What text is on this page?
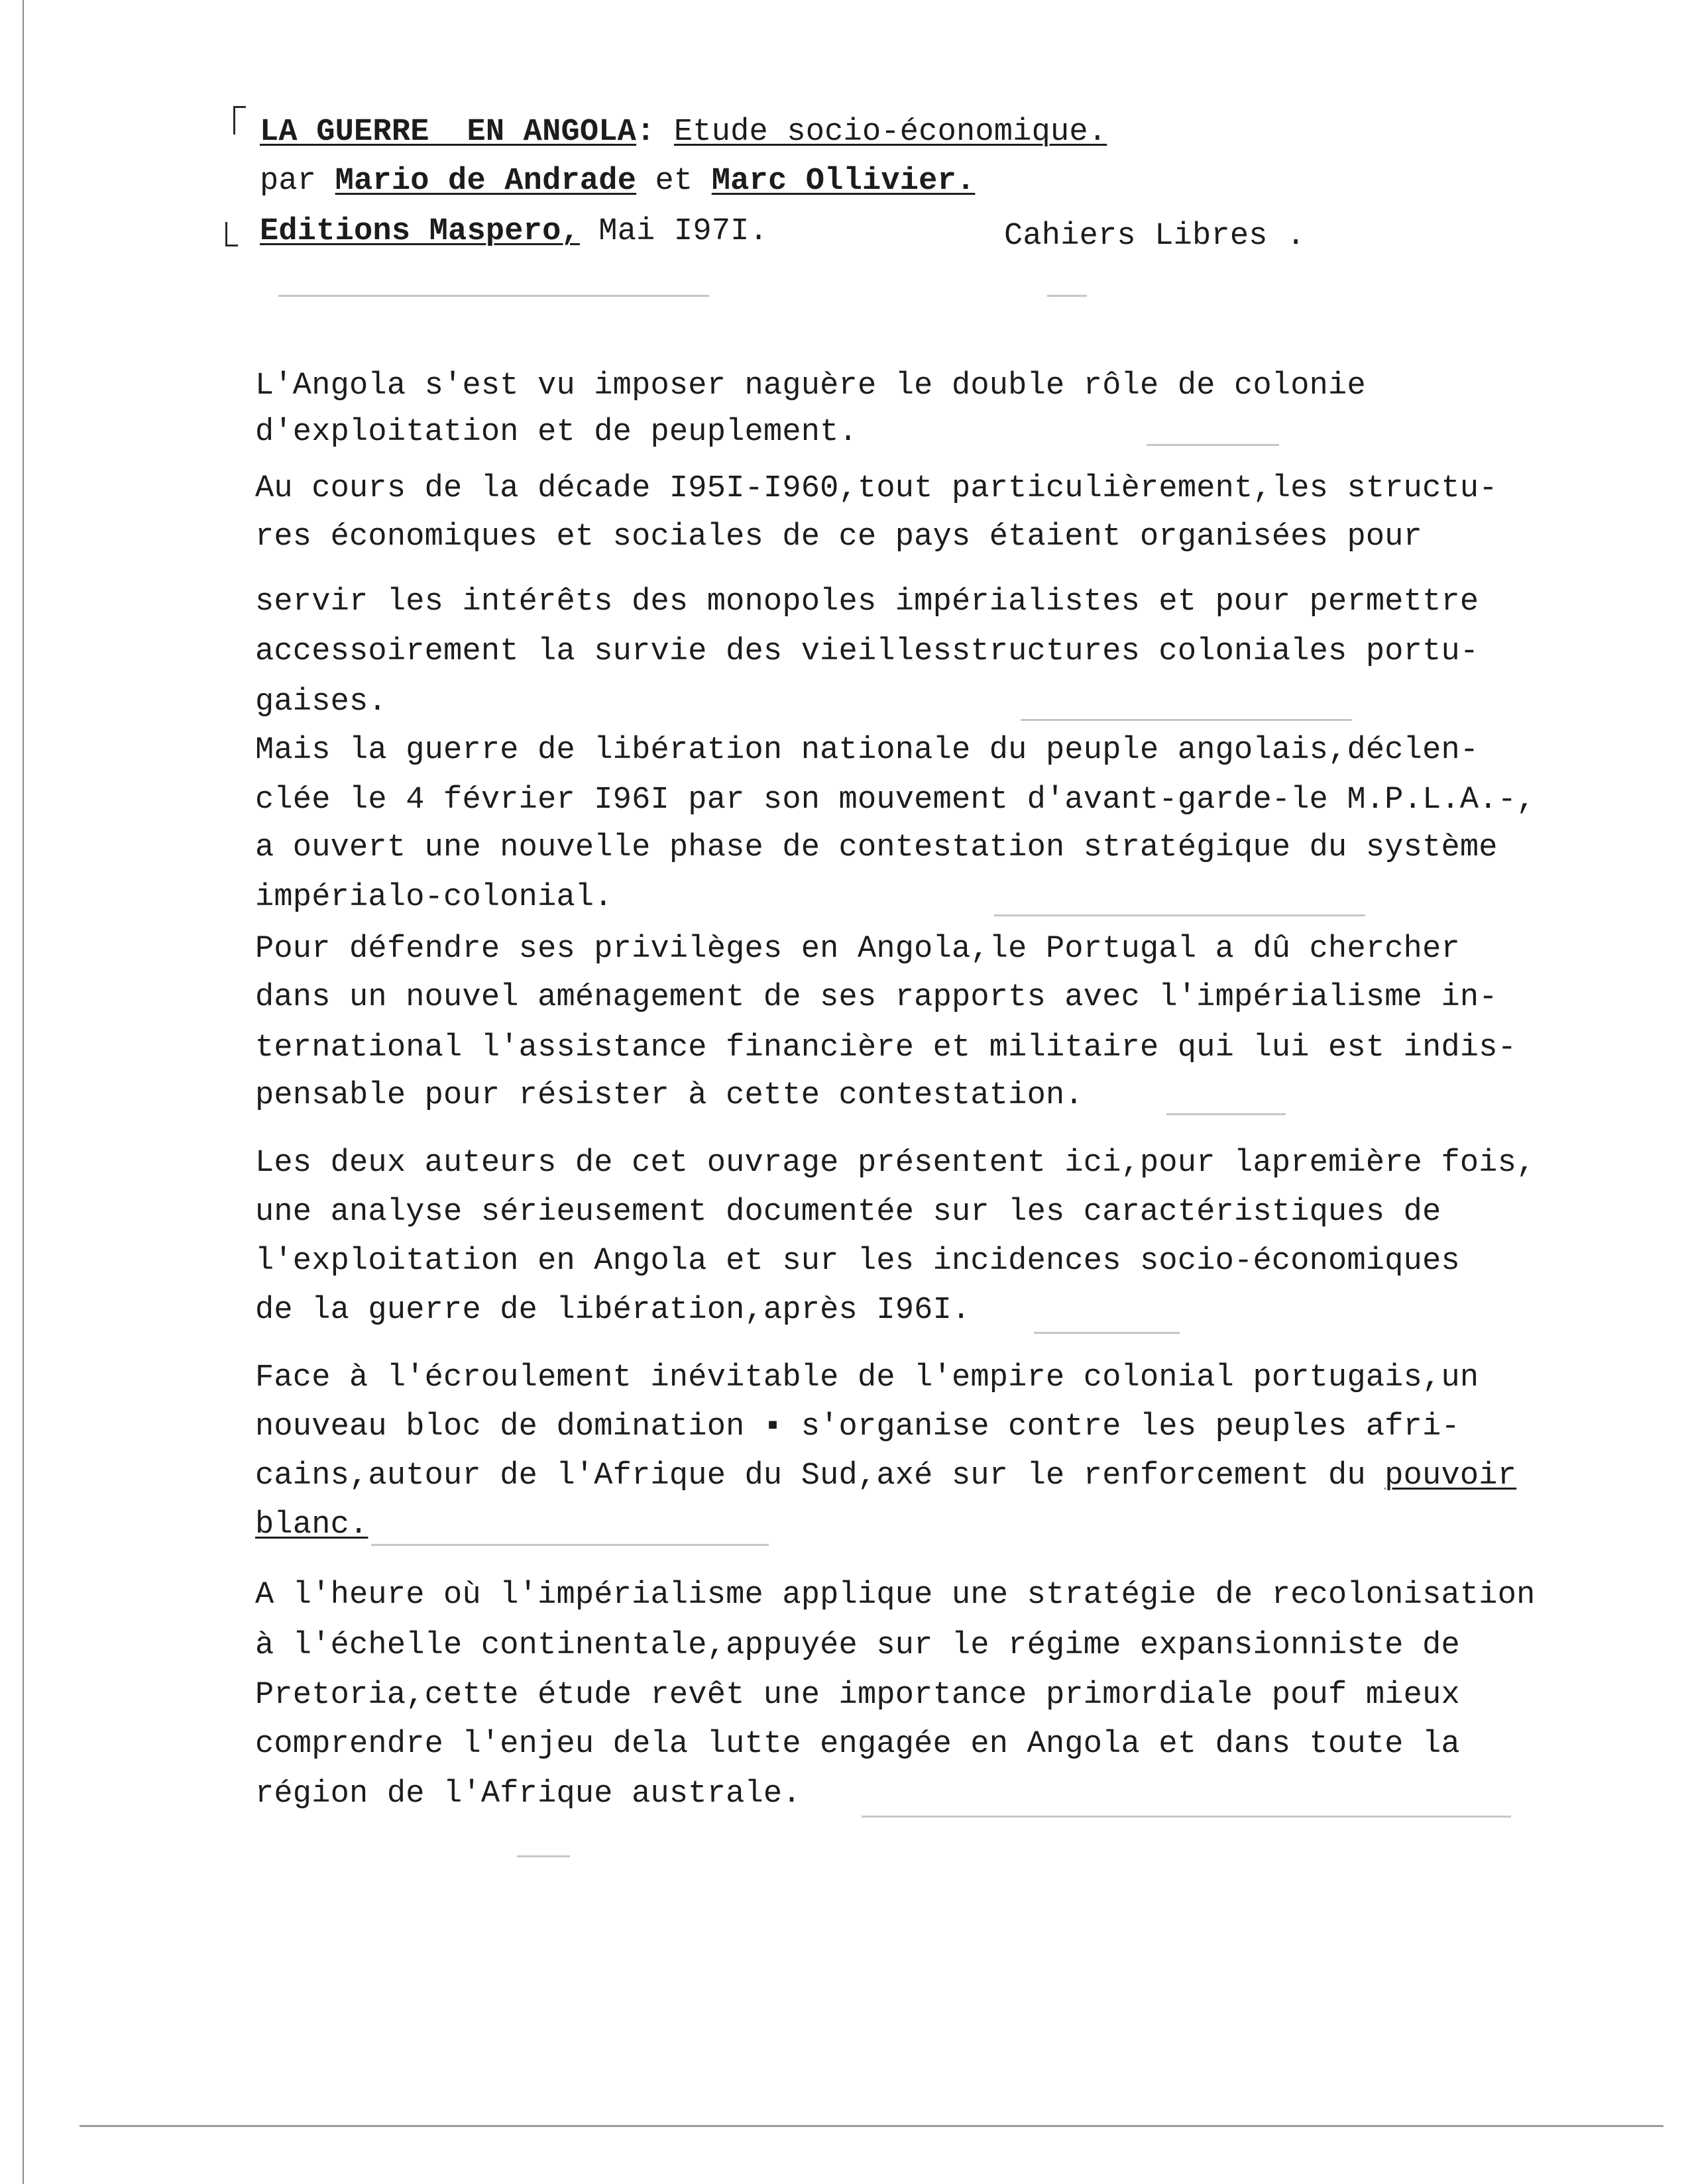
LA GUERRE  EN ANGOLA: Etude socio-économique.
par Mario de Andrade et Marc Ollivier.
Editions Maspero, Mai I97I.	Cahiers Libres .
L'Angola s'est vu imposer naguère le double rôle de colonie
d'exploitation et de peuplement.
Au cours de la décade I95I-I960,tout particulièrement,les structu-
res économiques et sociales de ce pays étaient organisées pour
servir les intérêts des monopoles impérialistes et pour permettre
accessoirement la survie des vieillesstructures coloniales portu-
gaises.
Mais la guerre de libération nationale du peuple angolais,déclen-
clée le 4 février I96I par son mouvement d'avant-garde-le M.P.L.A.-,
a ouvert une nouvelle phase de contestation stratégique du système
impérialo-colonial.
Pour défendre ses privilèges en Angola,le Portugal a dû chercher
dans un nouvel aménagement de ses rapports avec l'impérialisme in-
ternational l'assistance financière et militaire qui lui est indis-
pensable pour résister à cette contestation.
Les deux auteurs de cet ouvrage présentent ici,pour lapremière fois,
une analyse sérieusement documentée sur les caractéristiques de
l'exploitation en Angola et sur les incidences socio-économiques
de la guerre de libération,après I96I.
Face à l'écroulement inévitable de l'empire colonial portugais,un
nouveau bloc de domination ▪ s'organise contre les peuples afri-
cains,autour de l'Afrique du Sud,axé sur le renforcement du pouvoir
blanc.
A l'heure où l'impérialisme applique une stratégie de recolonisation
à l'échelle continentale,appuyée sur le régime expansionniste de
Pretoria,cette étude revêt une importance primordiale pouf mieux
comprendre l'enjeu dela lutte engagée en Angola et dans toute la
région de l'Afrique australe.
